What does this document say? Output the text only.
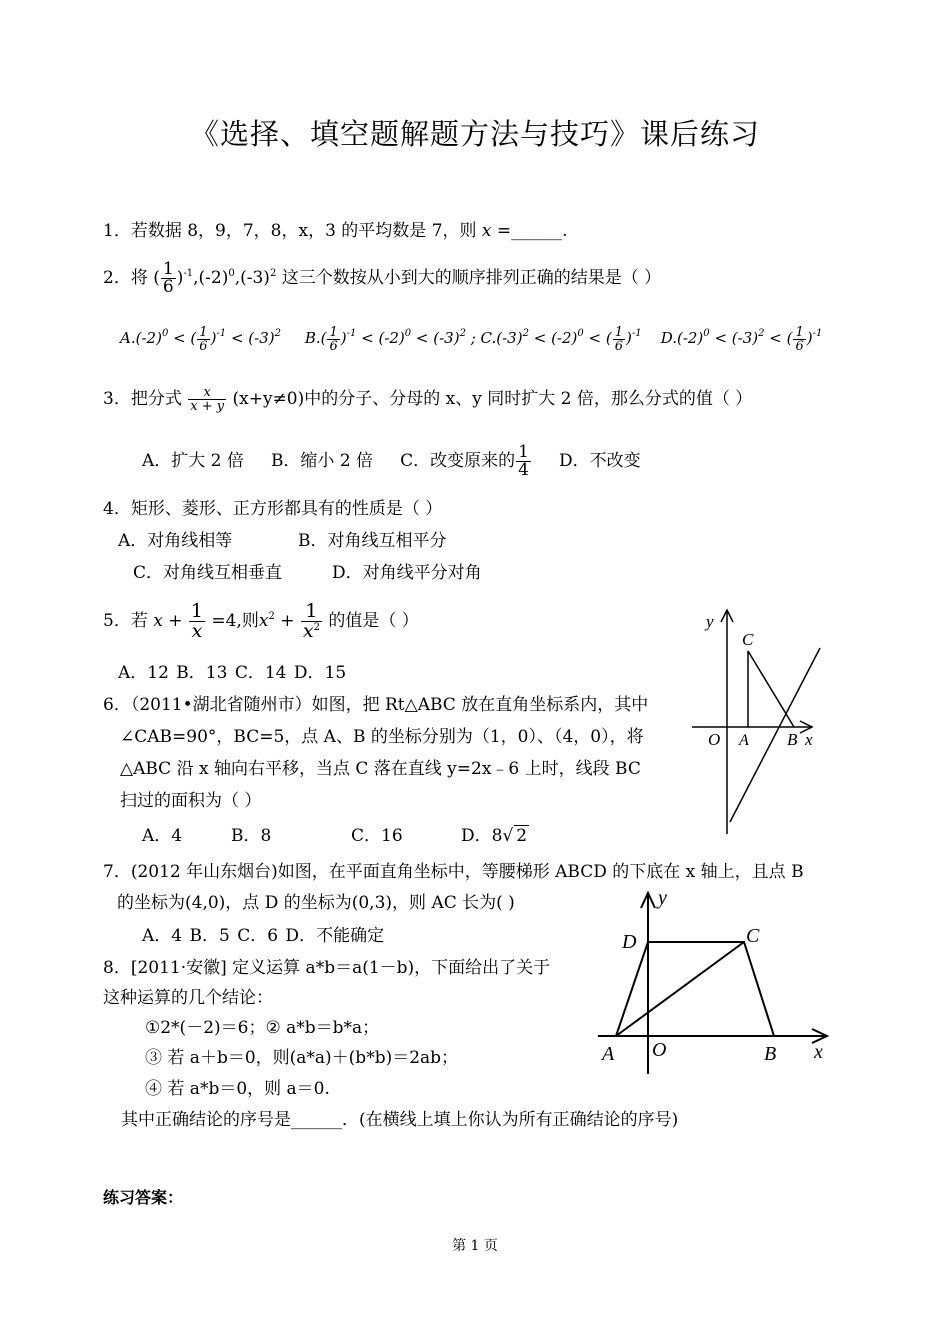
《选择、填空题解题方法与技巧》课后练习
1．若数据 8，9，7，8，x，3 的平均数是 7，则 x =______.
2．将 ( $\frac{1}{6} )^{-1},(-2)^0,(-3)^2$ 这三个数按从小到大的顺序排列正确的结果是（ ）
$A.(-2)^0$ < ( $\frac{1}{6} )^{-1} < (-3)^2$ $B.( \frac{1}{6} )^{-1} < (-2)^0 < (-3)^2$ ; $C.(-3)^2 < (-2)^0$ < ( $\frac{1}{6} )^{-1}$ $D.(-2)^0 < (-3)^2$ < ( $\frac{1}{6} )^{-1}$
3．把分式 $\frac{x}{x + y} (x+y\ne 0)$中的分子、分母的 x、y 同时扩大 2 倍，那么分式的值（ ）
A．扩大 2 倍 B．缩小 2 倍 C．改变原来的 $\frac{1}{4}$ D．不改变
4．矩形、菱形、正方形都具有的性质是（ ）
A．对角线相等	B．对角线互相平分
C．对角线互相垂直	D．对角线平分对角
5．若 $x + \frac{1}{x} =4$,则$x^2 + \frac{1}{x^2}$ 的值是（ ）
A．12 B．13 C．14 D．15
6．（2011•湖北省随州市）如图，把 Rt△ABC 放在直角坐标系内，其中
∠CAB=90°，BC=5，点 A、B 的坐标分别为（1，0）、（4，0），将
△ABC 沿 x 轴向右平移，当点 C 落在直线 y=2x﹣6 上时，线段 BC
扫过的面积为（ ）
A．4	B．8	C．16	D．8√ 2
y
C
O A B x
7．(2012 年山东烟台)如图，在平面直角坐标中，等腰梯形 ABCD 的下底在 x 轴上，且点 B
的坐标为(4,0)，点 D 的坐标为(0,3)，则 AC 长为( )
A．4 B．5 C．6 D．不能确定
y
D	C
A O	B x
8．[2011·安徽] 定义运算 a*b＝a(1－b)，下面给出了关于
这种运算的几个结论：
①2*(－2)＝6；② a*b＝b*a；
③ 若 a＋b＝0，则(a*a)＋(b*b)＝2ab；
④ 若 a*b＝0，则 a＝0.
其中正确结论的序号是______．(在横线上填上你认为所有正确结论的序号)
练习答案：
第 1 页
